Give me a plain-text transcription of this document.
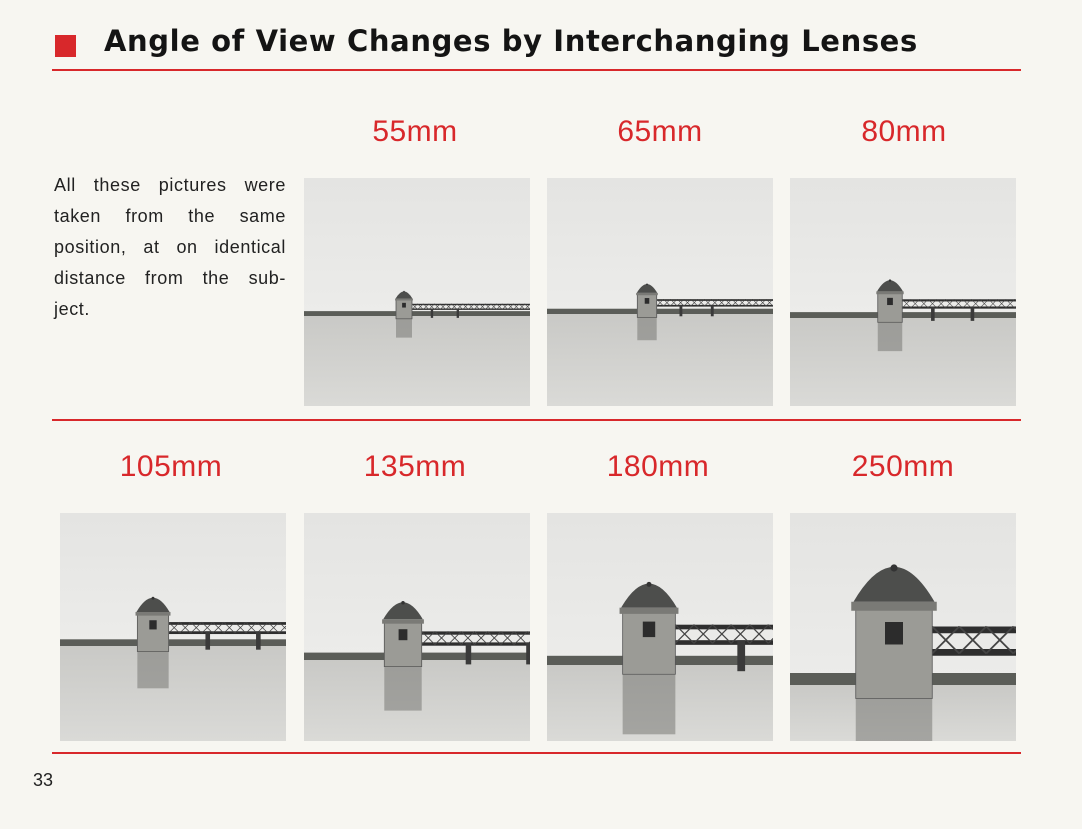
Angle of View Changes by Interchanging Lenses

All these pictures were taken from the same position, at on identical distance from the sub- ject.

55mm	65mm	80mm
105mm	135mm	180mm	250mm
33
